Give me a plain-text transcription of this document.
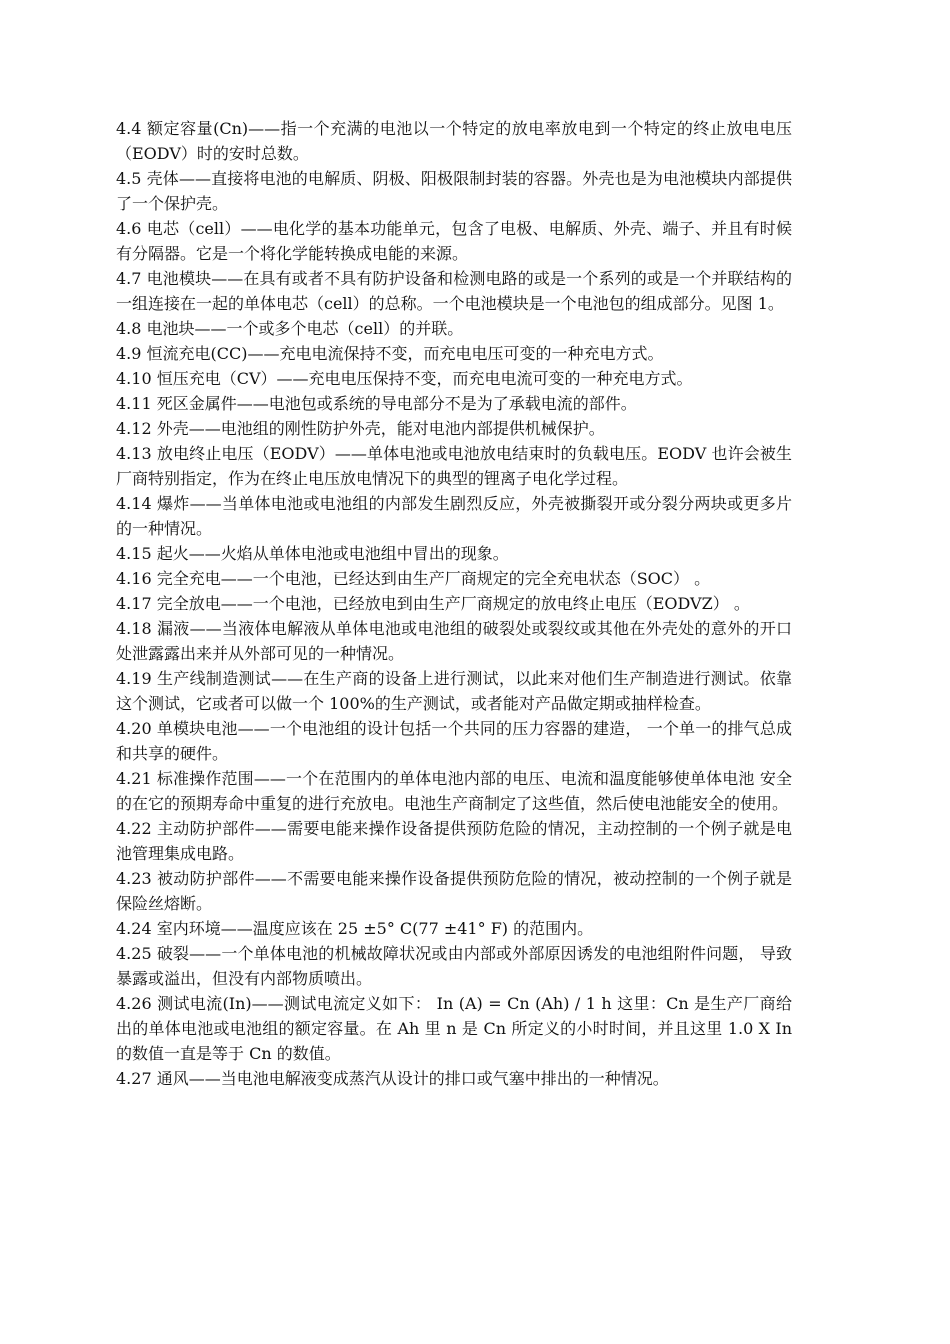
4.4 额定容量(Cn)——指一个充满的电池以一个特定的放电率放电到一个特定的终止放电电压（EODV）时的安时总数。

4.5 壳体——直接将电池的电解质、阴极、阳极限制封装的容器。外壳也是为电池模块内部提供了一个保护壳。

4.6 电芯（cell）——电化学的基本功能单元，包含了电极、电解质、外壳、端子、并且有时候有分隔器。它是一个将化学能转换成电能的来源。

4.7 电池模块——在具有或者不具有防护设备和检测电路的或是一个系列的或是一个并联结构的一组连接在一起的单体电芯（cell）的总称。一个电池模块是一个电池包的组成部分。见图 1。

4.8 电池块——一个或多个电芯（cell）的并联。

4.9 恒流充电(CC)——充电电流保持不变，而充电电压可变的一种充电方式。

4.10 恒压充电（CV）——充电电压保持不变，而充电电流可变的一种充电方式。

4.11 死区金属件——电池包或系统的导电部分不是为了承载电流的部件。

4.12 外壳——电池组的刚性防护外壳，能对电池内部提供机械保护。

4.13 放电终止电压（EODV）——单体电池或电池放电结束时的负载电压。EODV 也许会被生厂商特别指定，作为在终止电压放电情况下的典型的锂离子电化学过程。

4.14 爆炸——当单体电池或电池组的内部发生剧烈反应，外壳被撕裂开或分裂分两块或更多片的一种情况。

4.15 起火——火焰从单体电池或电池组中冒出的现象。

4.16 完全充电——一个电池，已经达到由生产厂商规定的完全充电状态（SOC） 。

4.17 完全放电——一个电池，已经放电到由生产厂商规定的放电终止电压（EODVZ） 。

4.18 漏液——当液体电解液从单体电池或电池组的破裂处或裂纹或其他在外壳处的意外的开口处泄露露出来并从外部可见的一种情况。

4.19 生产线制造测试——在生产商的设备上进行测试，以此来对他们生产制造进行测试。依靠这个测试，它或者可以做一个 100%的生产测试，或者能对产品做定期或抽样检查。

4.20 单模块电池——一个电池组的设计包括一个共同的压力容器的建造， 一个单一的排气总成和共享的硬件。

4.21 标准操作范围——一个在范围内的单体电池内部的电压、电流和温度能够使单体电池 安全的在它的预期寿命中重复的进行充放电。电池生产商制定了这些值，然后使电池能安全的使用。

4.22 主动防护部件——需要电能来操作设备提供预防危险的情况，主动控制的一个例子就是电池管理集成电路。

4.23 被动防护部件——不需要电能来操作设备提供预防危险的情况，被动控制的一个例子就是保险丝熔断。

4.24 室内环境——温度应该在 25 ±5° C(77 ±41° F) 的范围内。

4.25 破裂——一个单体电池的机械故障状况或由内部或外部原因诱发的电池组附件问题， 导致暴露或溢出，但没有内部物质喷出。

4.26 测试电流(In)——测试电流定义如下： In (A) = Cn (Ah) / 1 h 这里：Cn 是生产厂商给出的单体电池或电池组的额定容量。在 Ah 里 n 是 Cn 所定义的小时时间，并且这里 1.0 X In 的数值一直是等于 Cn 的数值。

4.27 通风——当电池电解液变成蒸汽从设计的排口或气塞中排出的一种情况。
